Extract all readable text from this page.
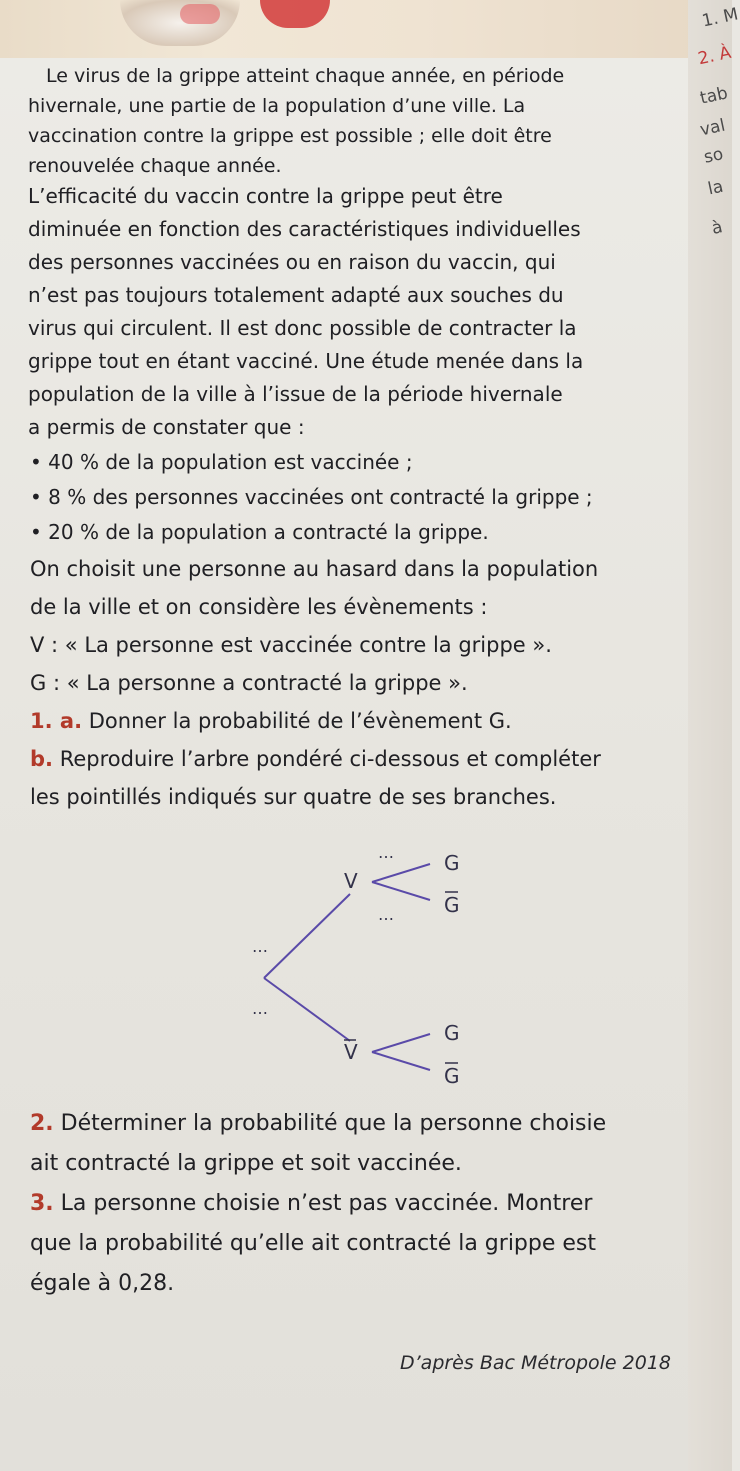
1. M
2. À
tab
val
so
la
à
Le virus de la grippe atteint chaque année, en période
hivernale, une partie de la population d’une ville. La
vaccination contre la grippe est possible ; elle doit être
renouvelée chaque année.
L’efficacité du vaccin contre la grippe peut être
diminuée en fonction des caractéristiques individuelles
des personnes vaccinées ou en raison du vaccin, qui
n’est pas toujours totalement adapté aux souches du
virus qui circulent. Il est donc possible de contracter la
grippe tout en étant vacciné. Une étude menée dans la
population de la ville à l’issue de la période hivernale
a permis de constater que :
• 40 % de la population est vaccinée ;
• 8 % des personnes vaccinées ont contracté la grippe ;
• 20 % de la population a contracté la grippe.
On choisit une personne au hasard dans la population
de la ville et on considère les évènements :
V : « La personne est vaccinée contre la grippe ».
G : « La personne a contracté la grippe ».
1. a. Donner la probabilité de l’évènement G.
b. Reproduire l’arbre pondéré ci-dessous et compléter
les pointillés indiqués sur quatre de ses branches.
V
V
G
G
G
G
…
…
…
…
2. Déterminer la probabilité que la personne choisie
ait contracté la grippe et soit vaccinée.
3. La personne choisie n’est pas vaccinée. Montrer
que la probabilité qu’elle ait contracté la grippe est
égale à 0,28.
D’après Bac Métropole 2018
